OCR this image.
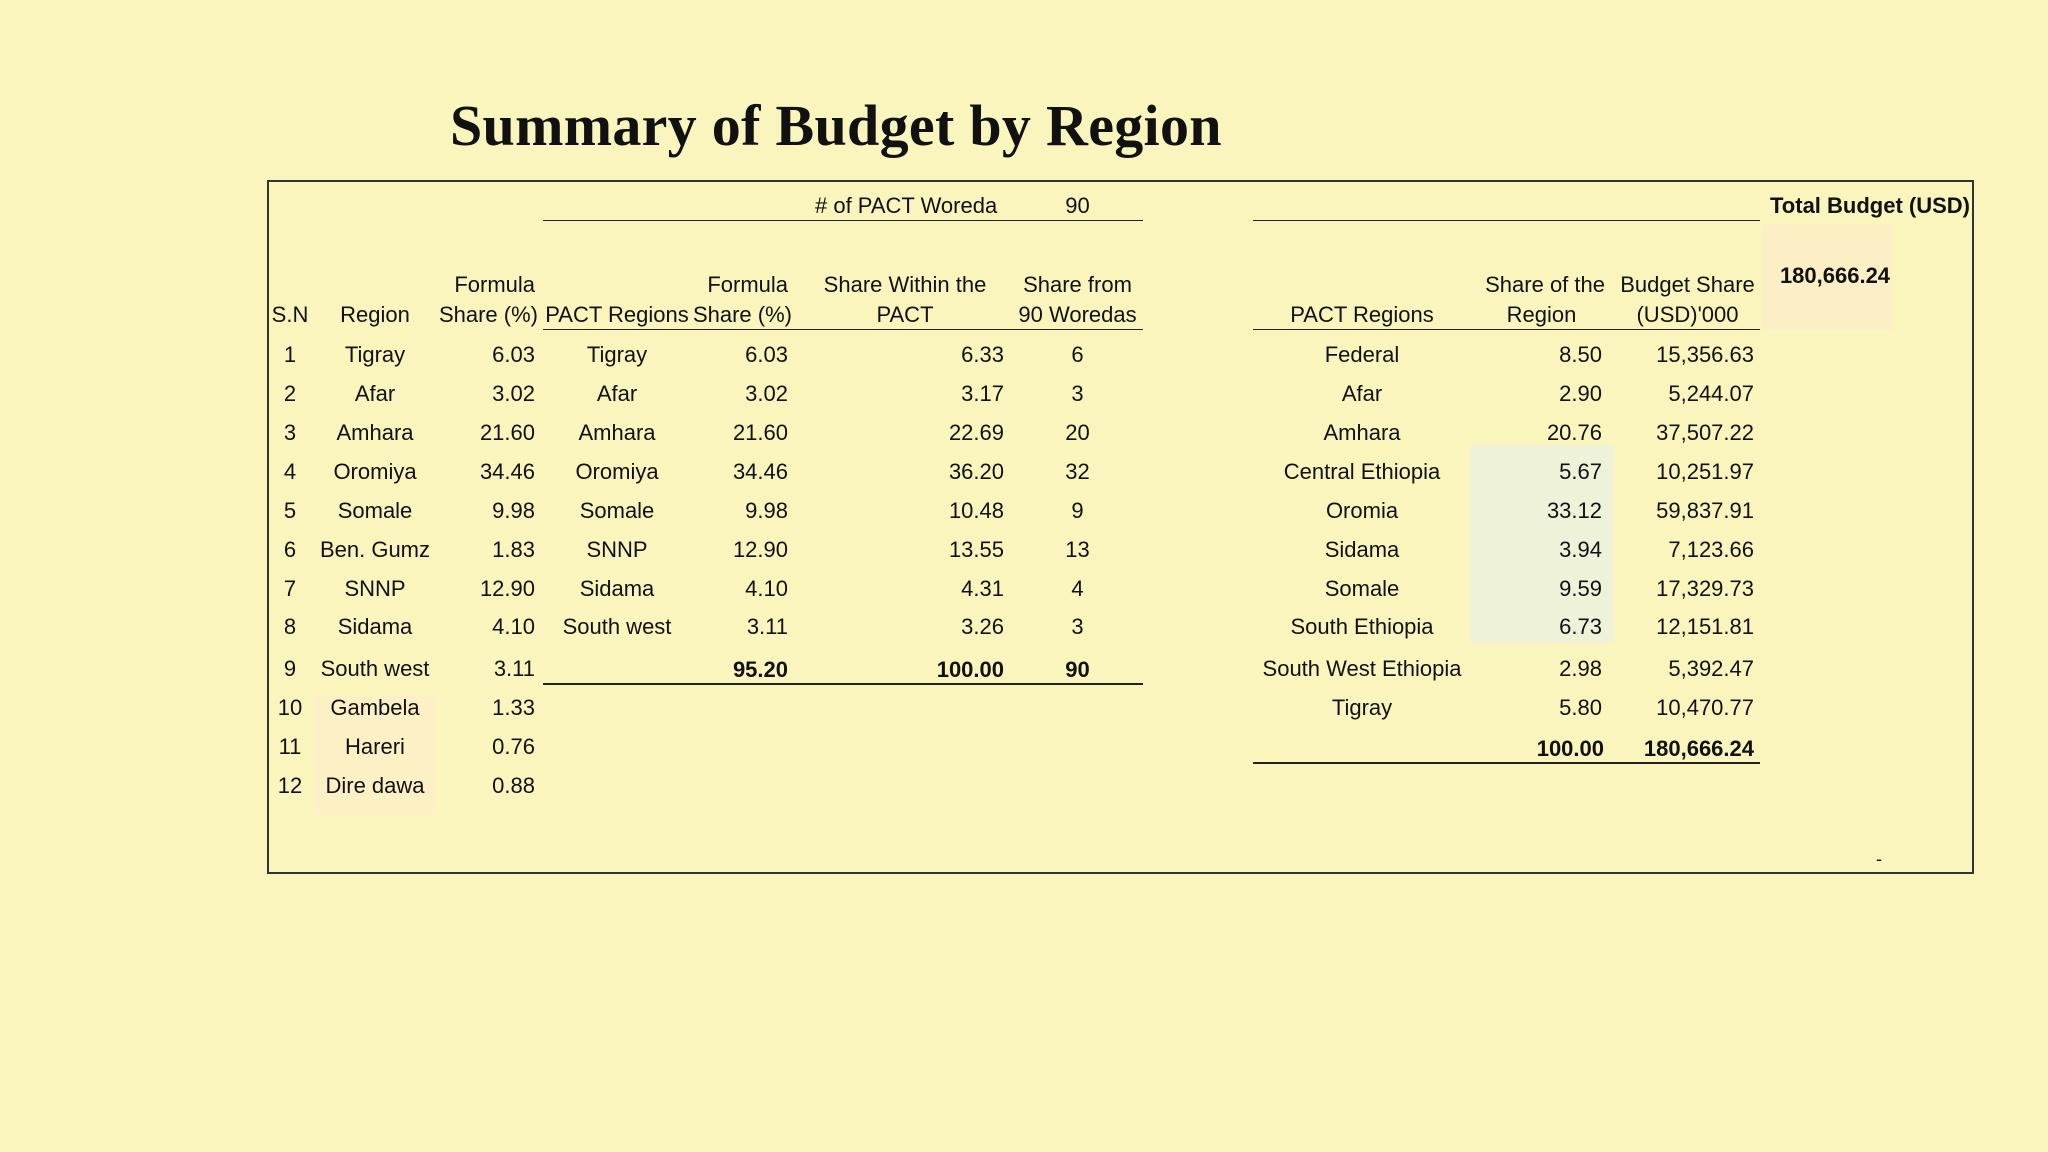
Summary of Budget by Region
# of PACT Woreda	90	Total Budget (USD)
180,666.24
-
S.N	Region
Formula
Share (%)
1	Tigray	6.03
2	Afar	3.02
3	Amhara	21.60
4	Oromiya	34.46
5	Somale	9.98
6	Ben. Gumz	1.83
7	SNNP	12.90
8	Sidama	4.10
9	South west	3.11
10	Gambela	1.33
11	Hareri	0.76
12	Dire dawa	0.88
PACT Regions
Formula
Share (%)
Share Within the
PACT
Share from
90 Woredas
Tigray	6.03	6.33	6
Afar	3.02	3.17	3
Amhara	21.60	22.69	20
Oromiya	34.46	36.20	32
Somale	9.98	10.48	9
SNNP	12.90	13.55	13
Sidama	4.10	4.31	4
South west	3.11	3.26	3
95.20	100.00	90
PACT Regions
Share of the
Region
Budget Share
(USD)'000
Federal	8.50	15,356.63
Afar	2.90	5,244.07
Amhara	20.76	37,507.22
Central Ethiopia	5.67	10,251.97
Oromia	33.12	59,837.91
Sidama	3.94	7,123.66
Somale	9.59	17,329.73
South Ethiopia	6.73	12,151.81
South West Ethiopia	2.98	5,392.47
Tigray	5.80	10,470.77
100.00	180,666.24
